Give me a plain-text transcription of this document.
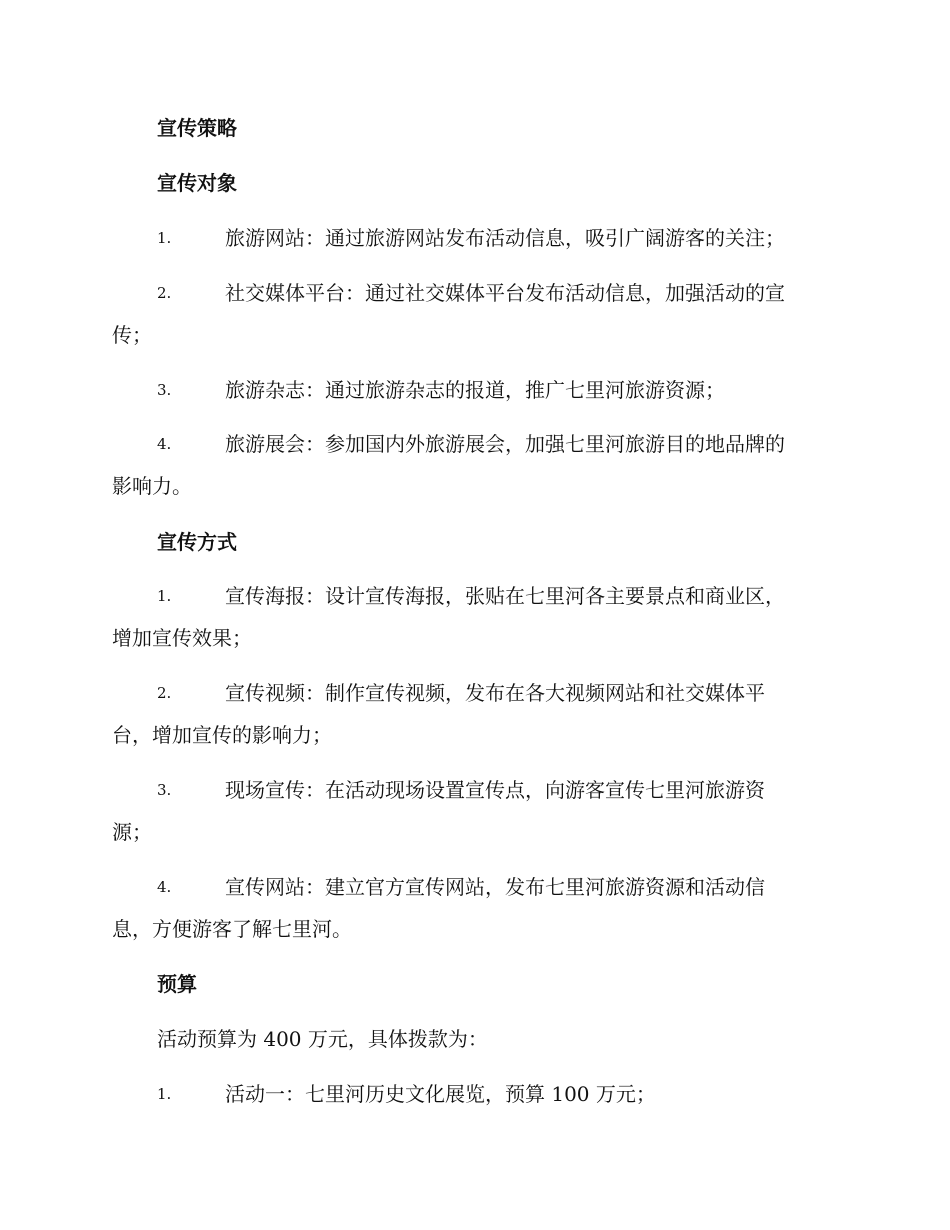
宣传策略
宣传对象
1.	旅游网站：通过旅游网站发布活动信息，吸引广阔游客的关注；
2.	社交媒体平台：通过社交媒体平台发布活动信息，加强活动的宣
传；
3.	旅游杂志：通过旅游杂志的报道，推广七里河旅游资源；
4.	旅游展会：参加国内外旅游展会，加强七里河旅游目的地品牌的
影响力。
宣传方式
1.	宣传海报：设计宣传海报，张贴在七里河各主要景点和商业区，
增加宣传效果；
2.	宣传视频：制作宣传视频，发布在各大视频网站和社交媒体平
台，增加宣传的影响力；
3.	现场宣传：在活动现场设置宣传点，向游客宣传七里河旅游资
源；
4.	宣传网站：建立官方宣传网站，发布七里河旅游资源和活动信
息，方便游客了解七里河。
预算
活动预算为 400 万元，具体拨款为：
1.	活动一：七里河历史文化展览，预算 100 万元；
